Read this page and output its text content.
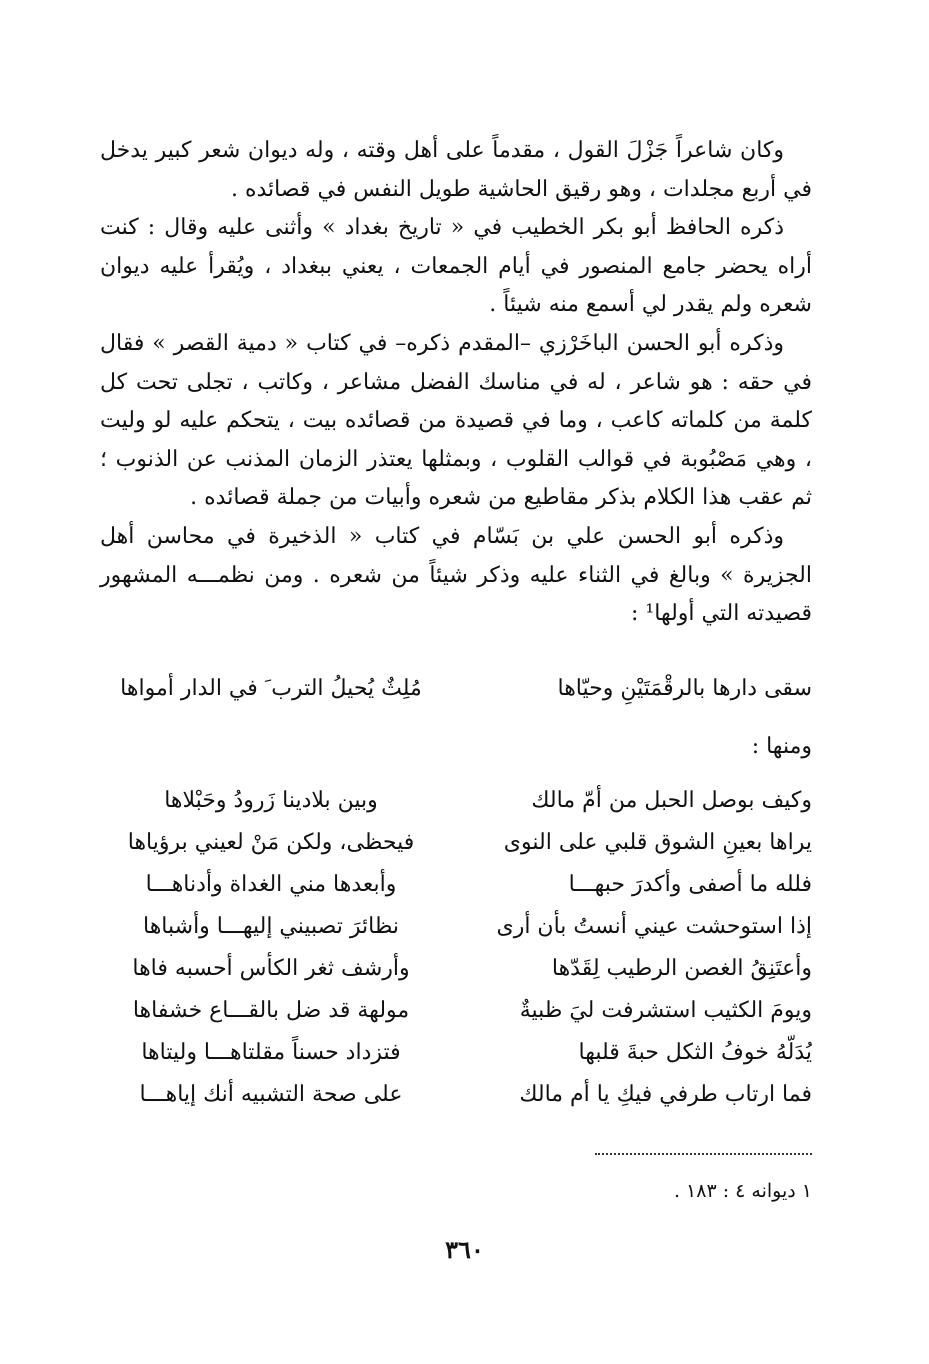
وكان شاعراً جَزْلَ القول ، مقدماً على أهل وقته ، وله ديوان شعر كبير يدخل في أربع مجلدات ، وهو رقيق الحاشية طويل النفس في قصائده .

ذكره الحافظ أبو بكر الخطيب في « تاريخ بغداد » وأثنى عليه وقال : كنت أراه يحضر جامع المنصور في أيام الجمعات ، يعني ببغداد ، ويُقرأ عليه ديوان شعره ولم يقدر لي أسمع منه شيئاً .

وذكره أبو الحسن الباخَرْزي –المقدم ذكره– في كتاب « دمية القصر » فقال في حقه : هو شاعر ، له في مناسك الفضل مشاعر ، وكاتب ، تجلى تحت كل كلمة من كلماته كاعب ، وما في قصيدة من قصائده بيت ، يتحكم عليه لو وليت ، وهي مَصْبُوبة في قوالب القلوب ، وبمثلها يعتذر الزمان المذنب عن الذنوب ؛ ثم عقب هذا الكلام بذكر مقاطيع من شعره وأبيات من جملة قصائده .

وذكره أبو الحسن علي بن بَسّام في كتاب « الذخيرة في محاسن أهل الجزيرة » وبالغ في الثناء عليه وذكر شيئاً من شعره . ومن نظمـــه المشهور قصيدته التي أولها¹ :

سقى دارها بالرقْمَتَيْنِ وحيّاها
مُلِثٌ يُحيلُ الترب َ في الدار أمواها
ومنها :
وكيف بوصل الحبل من أمّ مالك
وبين بلادينا زَرودُ وحَبْلاها
يراها بعينِ الشوق قلبي على النوى
فيحظى، ولكن مَنْ لعيني برؤياها
فلله ما أصفى وأكدرَ حبهـــا
وأبعدها مني الغداة وأدناهـــا
إذا استوحشت عيني أنستُ بأن أرى
نظائرَ تصبيني إليهـــا وأشباها
وأعتَنِقُ الغصن الرطيب لِقَدّها
وأرشف ثغر الكأس أحسبه فاها
ويومَ الكثيب استشرفت ليَ ظبيةٌ
مولهة قد ضل بالقـــاع خشفاها
يُدَلّهُ خوفُ الثكل حبةَ قلبها
فتزداد حسناً مقلتاهـــا وليتاها
فما ارتاب طرفي فيكِ يا أم مالك
على صحة التشبيه أنك إياهـــا
١ ديوانه ٤ : ١٨٣ .
٣٦٠
